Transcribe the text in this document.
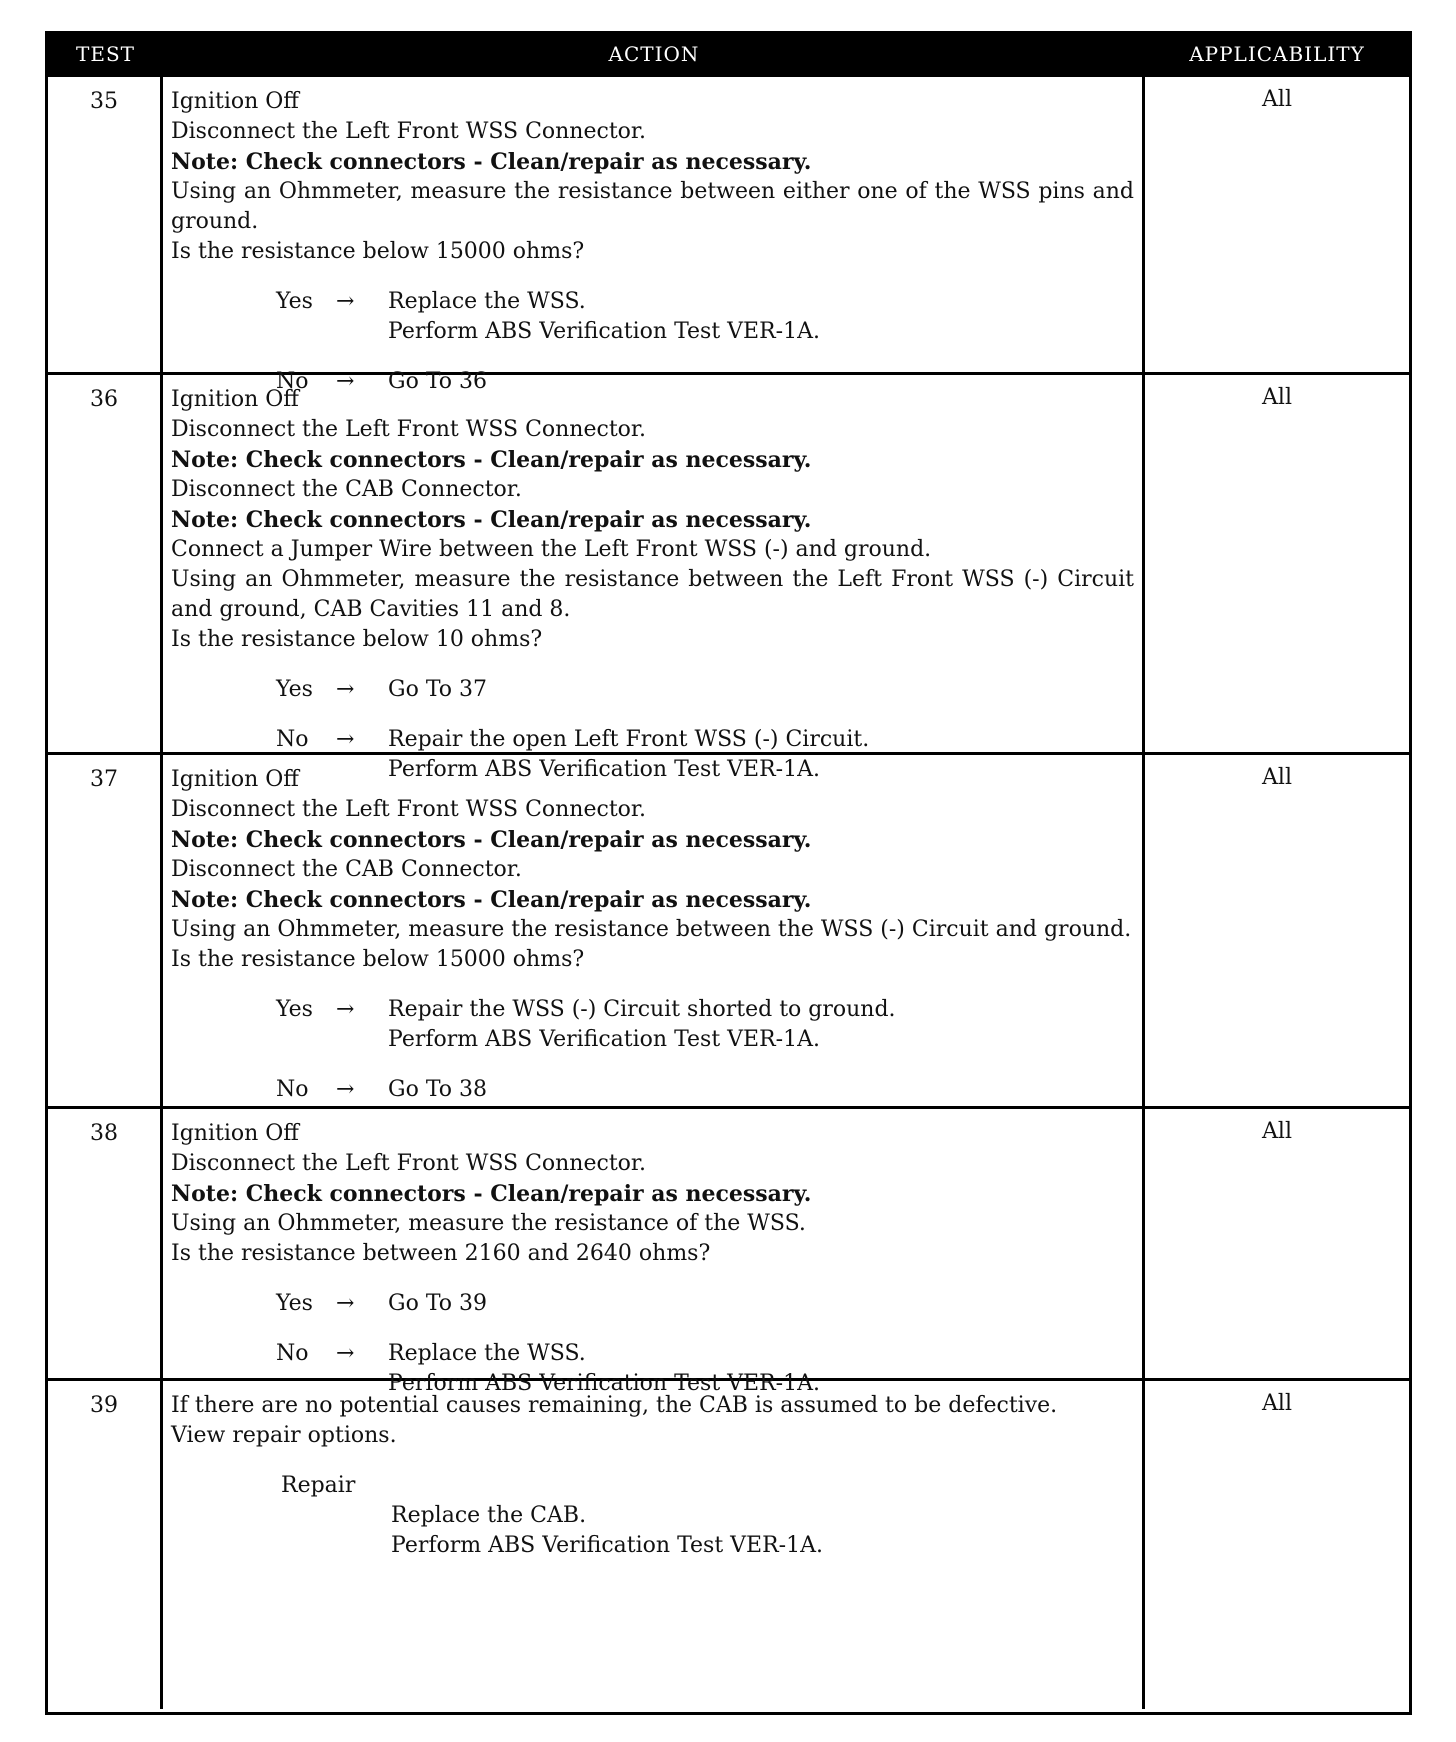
TEST	ACTION	APPLICABILITY
35	Ignition Off
Disconnect the Left Front WSS Connector.
Note: Check connectors - Clean/repair as necessary.
Using an Ohmmeter, measure the resistance between either one of the WSS pins and ground.
Is the resistance below 15000 ohms?
Yes	→	Replace the WSS.
Perform ABS Verification Test VER-1A.
No	→	Go To 36
All
36	Ignition Off
Disconnect the Left Front WSS Connector.
Note: Check connectors - Clean/repair as necessary.
Disconnect the CAB Connector.
Note: Check connectors - Clean/repair as necessary.
Connect a Jumper Wire between the Left Front WSS (-) and ground.
Using an Ohmmeter, measure the resistance between the Left Front WSS (-) Circuit and ground, CAB Cavities 11 and 8.
Is the resistance below 10 ohms?
Yes	→	Go To 37
No	→	Repair the open Left Front WSS (-) Circuit.
Perform ABS Verification Test VER-1A.
All
37	Ignition Off
Disconnect the Left Front WSS Connector.
Note: Check connectors - Clean/repair as necessary.
Disconnect the CAB Connector.
Note: Check connectors - Clean/repair as necessary.
Using an Ohmmeter, measure the resistance between the WSS (-) Circuit and ground.
Is the resistance below 15000 ohms?
Yes	→	Repair the WSS (-) Circuit shorted to ground.
Perform ABS Verification Test VER-1A.
No	→	Go To 38
All
38	Ignition Off
Disconnect the Left Front WSS Connector.
Note: Check connectors - Clean/repair as necessary.
Using an Ohmmeter, measure the resistance of the WSS.
Is the resistance between 2160 and 2640 ohms?
Yes	→	Go To 39
No	→	Replace the WSS.
Perform ABS Verification Test VER-1A.
All
39	If there are no potential causes remaining, the CAB is assumed to be defective.
View repair options.
Repair
Replace the CAB.
Perform ABS Verification Test VER-1A.
All
